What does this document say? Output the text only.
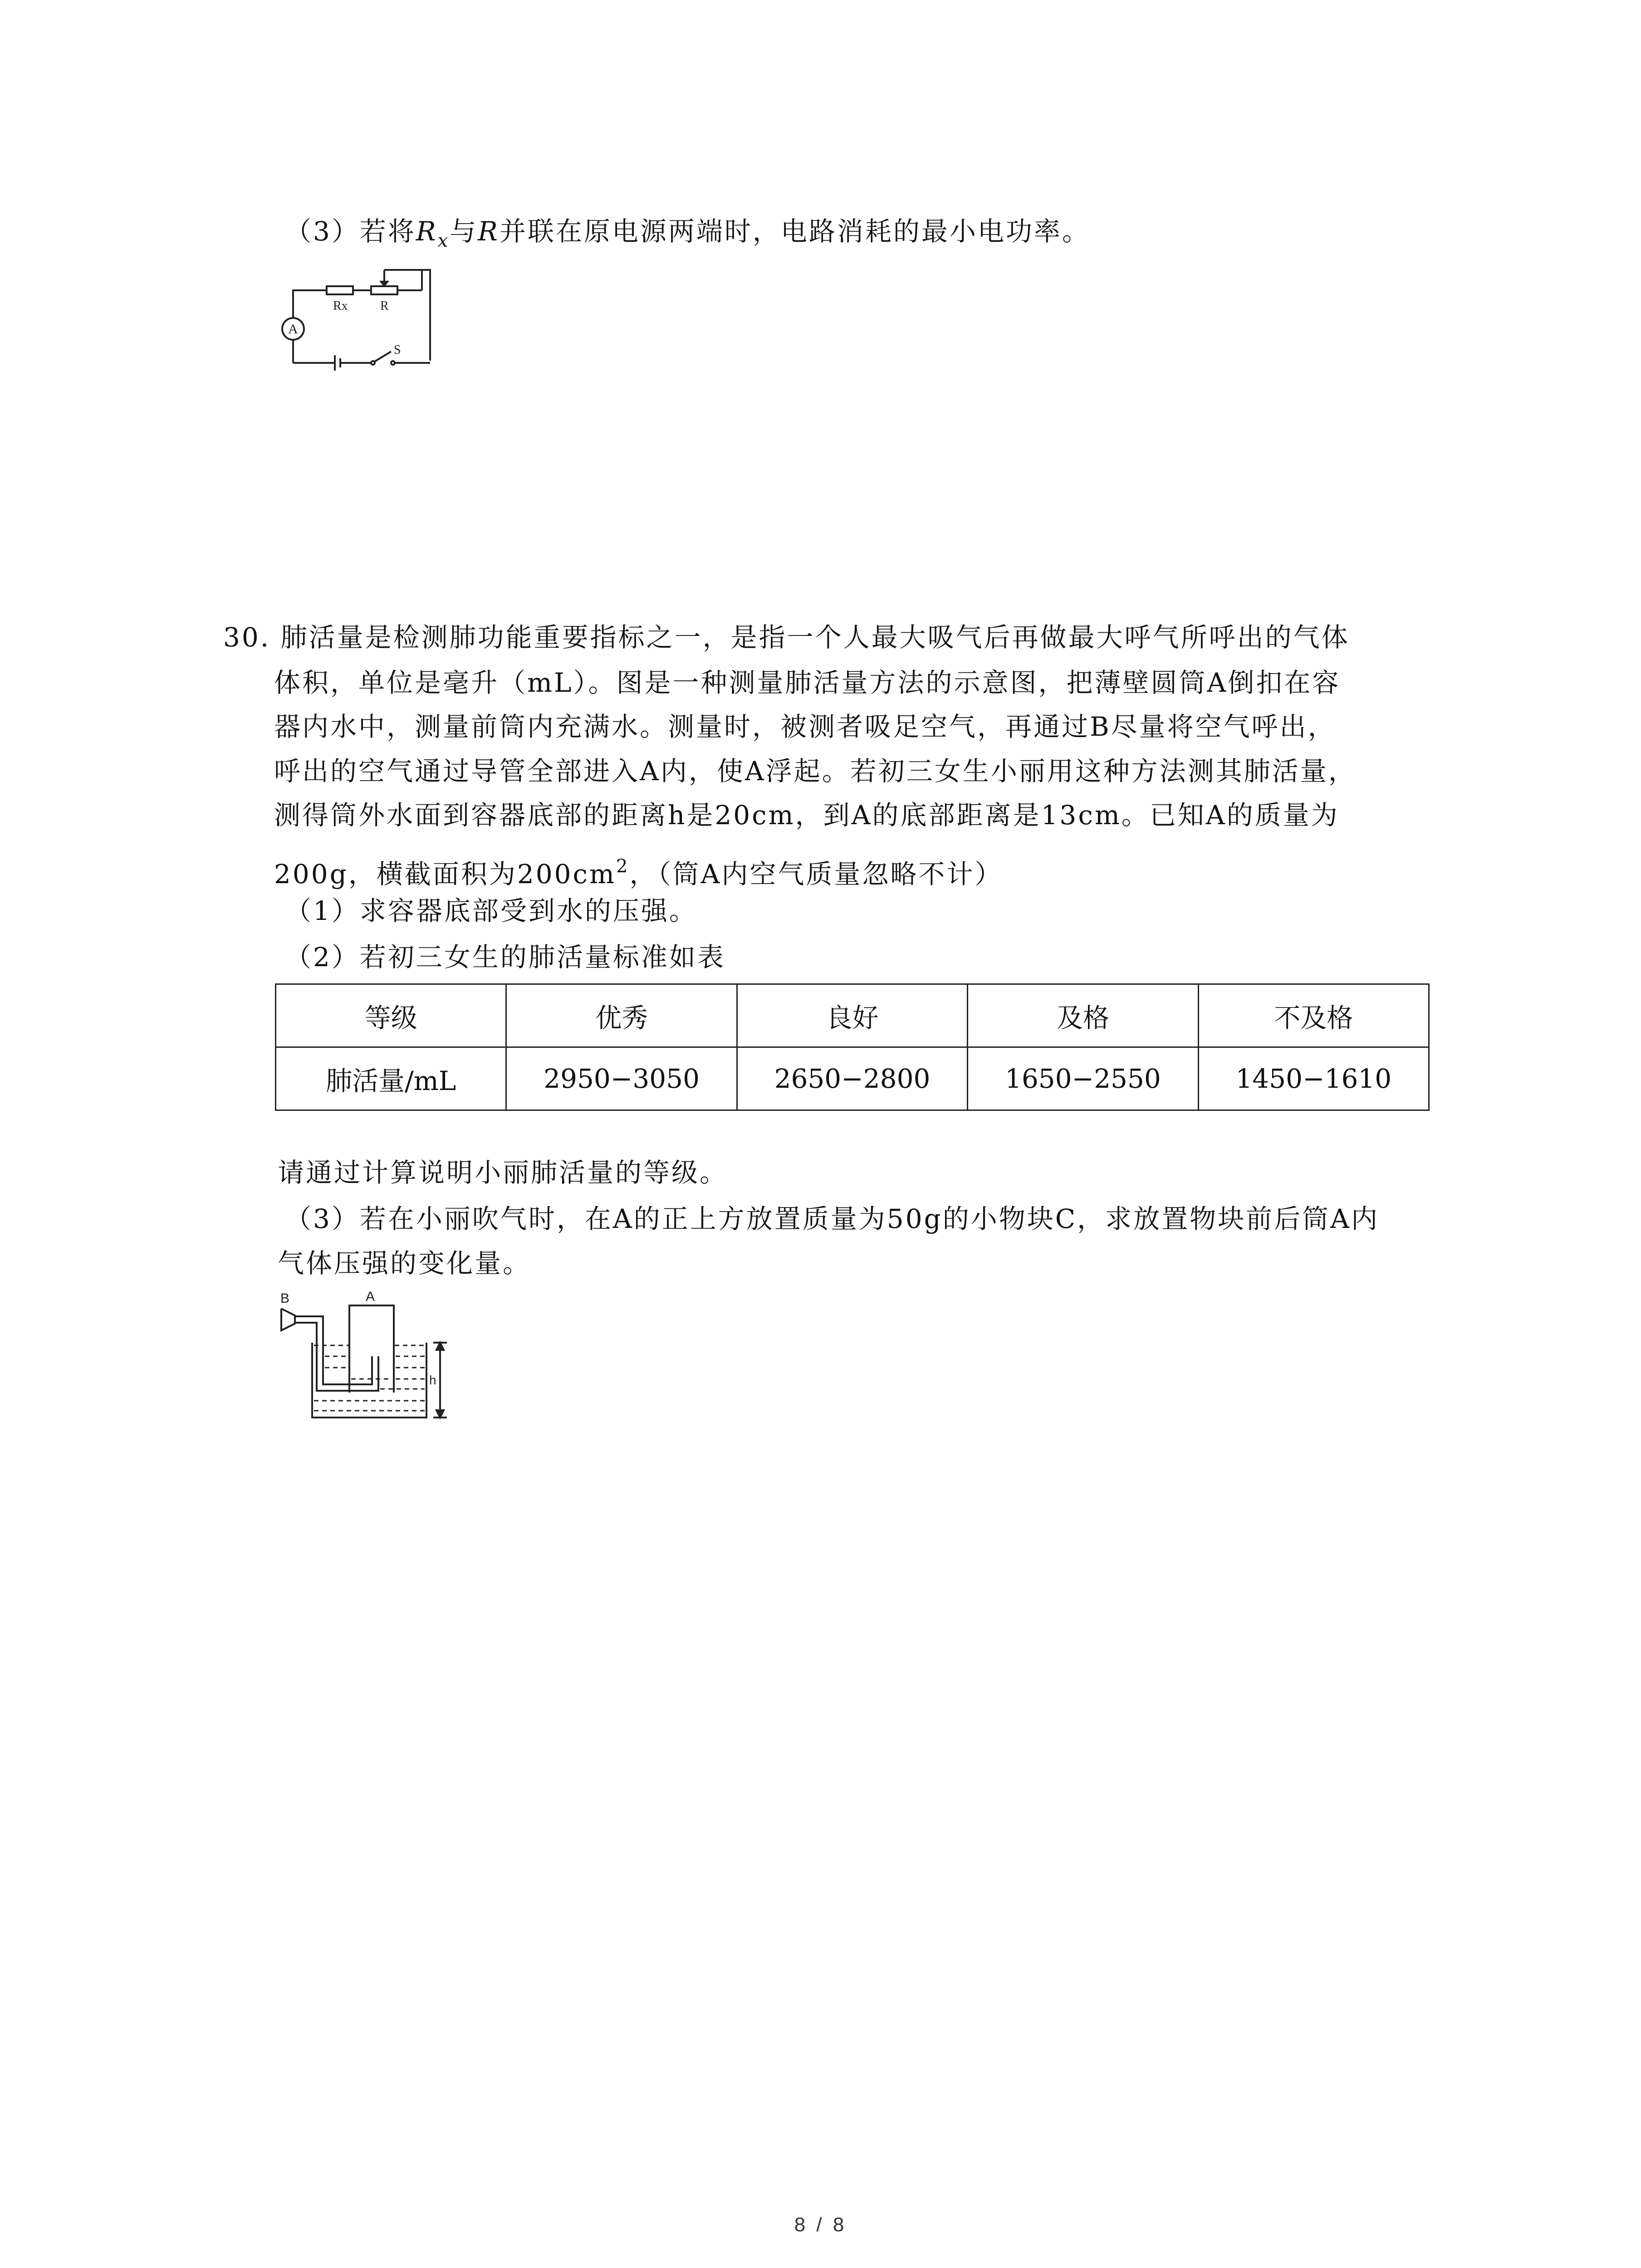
（3）若将$R_x$与R并联在原电源两端时，电路消耗的最小电功率。
A
Rx	R
S
30. 肺活量是检测肺功能重要指标之一，是指一个人最大吸气后再做最大呼气所呼出的气体
体积，单位是毫升（mL）。图是一种测量肺活量方法的示意图，把薄壁圆筒A倒扣在容
器内水中，测量前筒内充满水。测量时，被测者吸足空气，再通过B尽量将空气呼出，
呼出的空气通过导管全部进入A内，使A浮起。若初三女生小丽用这种方法测其肺活量，
测得筒外水面到容器底部的距离h是20cm，到A的底部距离是13cm。已知A的质量为
200g，横截面积为$200cm^2$，（筒A内空气质量忽略不计）
（1）求容器底部受到水的压强。
（2）若初三女生的肺活量标准如表
等级	优秀	良好	及格	不及格
肺活量/mL	2950−3050	2650−2800	1650−2550	1450−1610
请通过计算说明小丽肺活量的等级。
（3）若在小丽吹气时，在A的正上方放置质量为50g的小物块C，求放置物块前后筒A内
气体压强的变化量。
B	A
h
8 / 8
